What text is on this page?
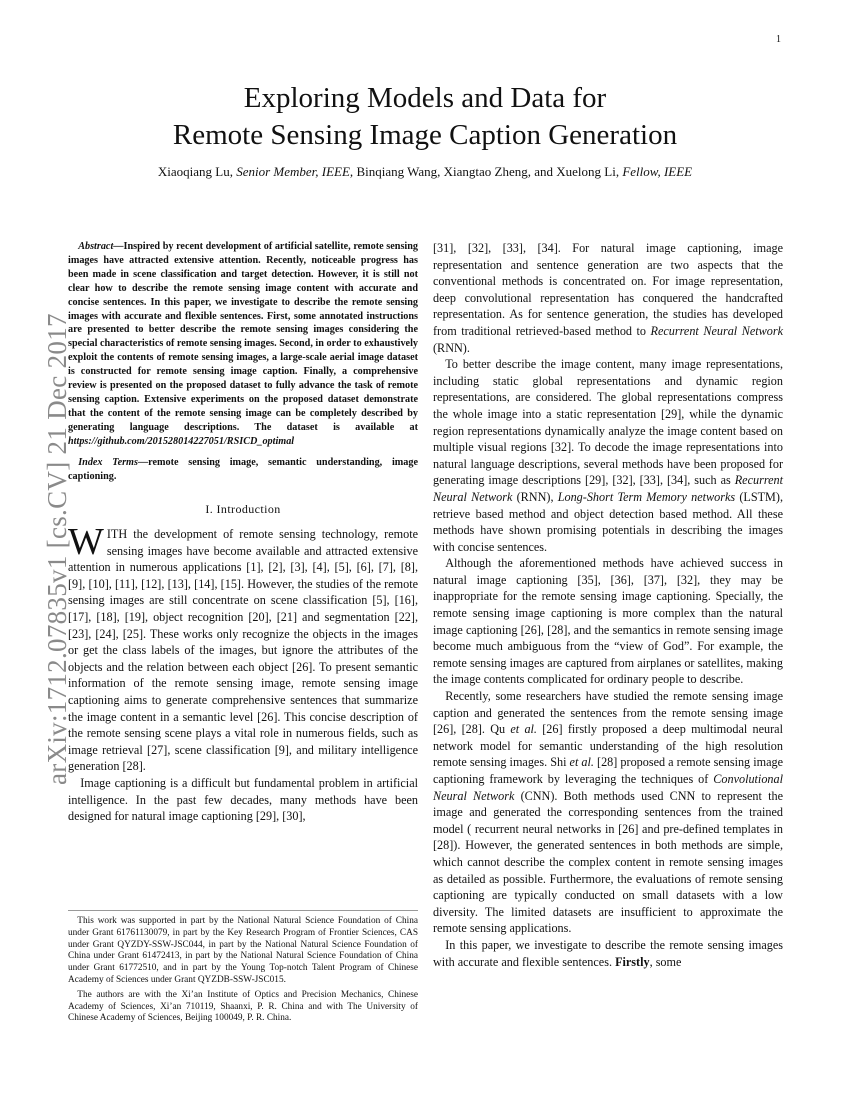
1
arXiv:1712.07835v1 [cs.CV] 21 Dec 2017
Exploring Models and Data for
Remote Sensing Image Caption Generation
Xiaoqiang Lu, Senior Member, IEEE, Binqiang Wang, Xiangtao Zheng, and Xuelong Li, Fellow, IEEE

Abstract—Inspired by recent development of artificial satellite, remote sensing images have attracted extensive attention. Recently, noticeable progress has been made in scene classification and target detection. However, it is still not clear how to describe the remote sensing image content with accurate and concise sentences. In this paper, we investigate to describe the remote sensing images with accurate and flexible sentences. First, some annotated instructions are presented to better describe the remote sensing images considering the special characteristics of remote sensing images. Second, in order to exhaustively exploit the contents of remote sensing images, a large-scale aerial image dataset is constructed for remote sensing image caption. Finally, a comprehensive review is presented on the proposed dataset to fully advance the task of remote sensing caption. Extensive experiments on the proposed dataset demonstrate that the content of the remote sensing image can be completely described by generating language descriptions. The dataset is available at https://github.com/201528014227051/RSICD_optimal

Index Terms—remote sensing image, semantic understanding, image captioning.

I. Introduction

WITH the development of remote sensing technology, remote sensing images have become available and attracted extensive attention in numerous applications [1], [2], [3], [4], [5], [6], [7], [8], [9], [10], [11], [12], [13], [14], [15]. However, the studies of the remote sensing images are still concentrate on scene classification [5], [16], [17], [18], [19], object recognition [20], [21] and segmentation [22], [23], [24], [25]. These works only recognize the objects in the images or get the class labels of the images, but ignore the attributes of the objects and the relation between each object [26]. To present semantic information of the remote sensing image, remote sensing image captioning aims to generate comprehensive sentences that summarize the image content in a semantic level [26]. This concise description of the remote sensing scene plays a vital role in numerous fields, such as image retrieval [27], scene classification [9], and military intelligence generation [28].

Image captioning is a difficult but fundamental problem in artificial intelligence. In the past few decades, many methods have been designed for natural image captioning [29], [30],

This work was supported in part by the National Natural Science Foundation of China under Grant 61761130079, in part by the Key Research Program of Frontier Sciences, CAS under Grant QYZDY-SSW-JSC044, in part by the National Natural Science Foundation of China under Grant 61472413, in part by the National Natural Science Foundation of China under Grant 61772510, and in part by the Young Top-notch Talent Program of Chinese Academy of Sciences under Grant QYZDB-SSW-JSC015.

The authors are with the Xi’an Institute of Optics and Precision Mechanics, Chinese Academy of Sciences, Xi’an 710119, Shaanxi, P. R. China and with The University of Chinese Academy of Sciences, Beijing 100049, P. R. China.

[31], [32], [33], [34]. For natural image captioning, image representation and sentence generation are two aspects that the conventional methods is concentrated on. For image representation, deep convolutional representation has conquered the handcrafted representation. As for sentence generation, the studies has developed from traditional retrieved-based method to Recurrent Neural Network (RNN).

To better describe the image content, many image representations, including static global representations and dynamic region representations, are considered. The global representations compress the whole image into a static representation [29], while the dynamic region representations dynamically analyze the image content based on multiple visual regions [32]. To decode the image representations into natural language descriptions, several methods have been proposed for generating image descriptions [29], [32], [33], [34], such as Recurrent Neural Network (RNN), Long-Short Term Memory networks (LSTM), retrieve based method and object detection based method. All these methods have shown promising potentials in describing the images with concise sentences.

Although the aforementioned methods have achieved success in natural image captioning [35], [36], [37], [32], they may be inappropriate for the remote sensing image captioning. Specially, the remote sensing image captioning is more complex than the natural image captioning [26], [28], and the semantics in remote sensing image become much ambiguous from the “view of God”. For example, the remote sensing images are captured from airplanes or satellites, making the image contents complicated for ordinary people to describe.

Recently, some researchers have studied the remote sensing image caption and generated the sentences from the remote sensing image [26], [28]. Qu et al. [26] firstly proposed a deep multimodal neural network model for semantic understanding of the high resolution remote sensing images. Shi et al. [28] proposed a remote sensing image captioning framework by leveraging the techniques of Convolutional Neural Network (CNN). Both methods used CNN to represent the image and generated the corresponding sentences from the trained model ( recurrent neural networks in [26] and pre-defined templates in [28]). However, the generated sentences in both methods are simple, which cannot describe the complex content in remote sensing images as detailed as possible. Furthermore, the evaluations of remote sensing captioning are typically conducted on small datasets with a low diversity. The limited datasets are insufficient to approximate the remote sensing applications.

In this paper, we investigate to describe the remote sensing images with accurate and flexible sentences. Firstly, some
